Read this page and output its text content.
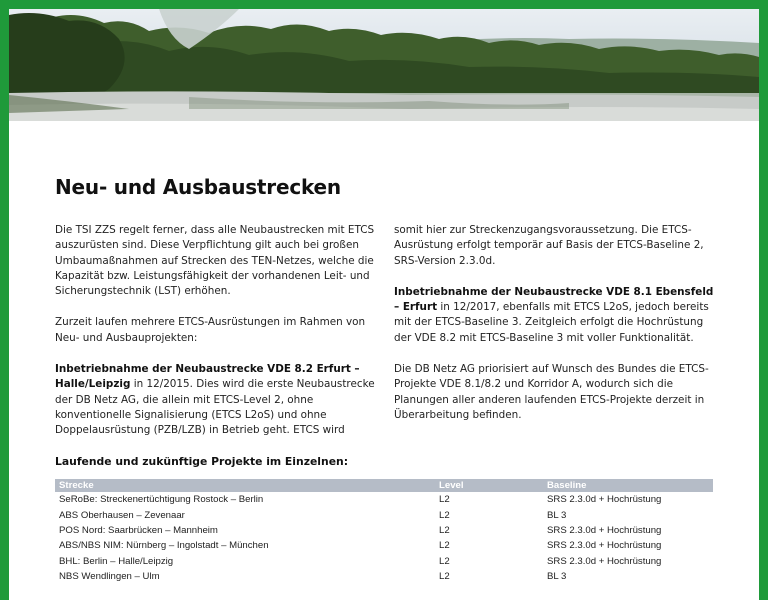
Neu- und Ausbaustrecken

Die TSI ZZS regelt ferner, dass alle Neubaustrecken mit ETCS auszurüsten sind. Diese Verpflichtung gilt auch bei großen Umbaumaßnahmen auf Strecken des TEN-Netzes, welche die Kapazität bzw. Leistungsfähigkeit der vorhandenen Leit- und Sicherungstechnik (LST) erhöhen.

Zurzeit laufen mehrere ETCS-Ausrüstungen im Rahmen von Neu- und Ausbauprojekten:

Inbetriebnahme der Neubaustrecke VDE 8.2 Erfurt – Halle/Leipzig in 12/2015. Dies wird die erste Neubaustrecke der DB Netz AG, die allein mit ETCS-Level 2, ohne konventionelle Signalisierung (ETCS L2oS) und ohne Doppelausrüstung (PZB/LZB) in Betrieb geht. ETCS wird

somit hier zur Streckenzugangsvoraussetzung. Die ETCS-Ausrüstung erfolgt temporär auf Basis der ETCS-Baseline 2, SRS-Version 2.3.0d.

Inbetriebnahme der Neubaustrecke VDE 8.1 Ebensfeld – Erfurt in 12/2017, ebenfalls mit ETCS L2oS, jedoch bereits mit der ETCS-Baseline 3. Zeitgleich erfolgt die Hochrüstung der VDE 8.2 mit ETCS-Baseline 3 mit voller Funktionalität.

Die DB Netz AG priorisiert auf Wunsch des Bundes die ETCS-Projekte VDE 8.1/8.2 und Korridor A, wodurch sich die Planungen aller anderen laufenden ETCS-Projekte derzeit in Überarbeitung befinden.

Laufende und zukünftige Projekte im Einzelnen:
Strecke	Level	Baseline
SeRoBe: Streckenertüchtigung Rostock – Berlin	L2	SRS 2.3.0d + Hochrüstung
ABS Oberhausen – Zevenaar	L2	BL 3
POS Nord: Saarbrücken – Mannheim	L2	SRS 2.3.0d + Hochrüstung
ABS/NBS NIM: Nürnberg – Ingolstadt – München	L2	SRS 2.3.0d + Hochrüstung
BHL: Berlin – Halle/Leipzig	L2	SRS 2.3.0d + Hochrüstung
NBS Wendlingen – Ulm	L2	BL 3
